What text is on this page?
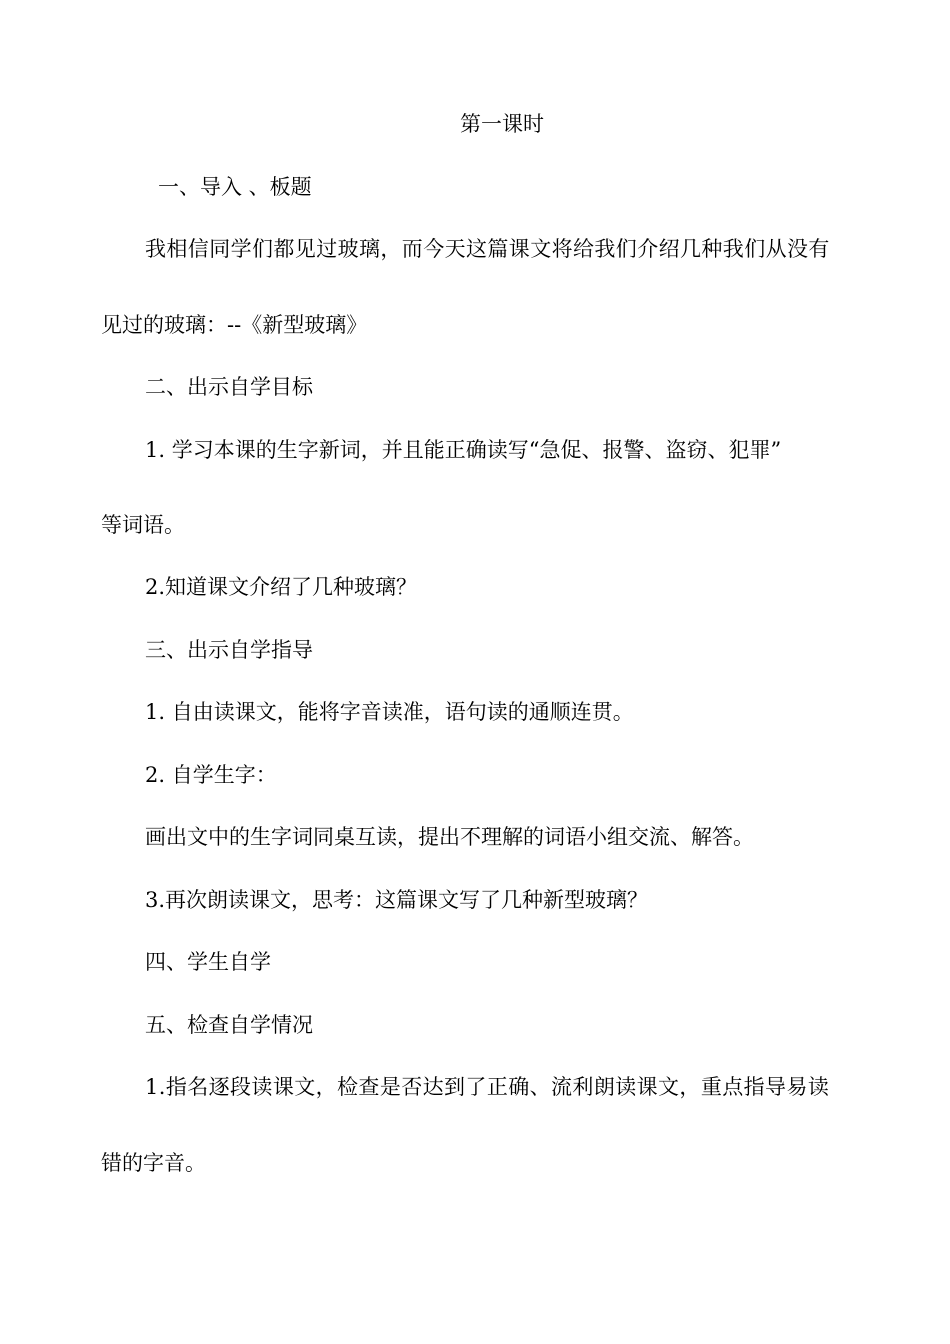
第一课时

一、导入 、板题

我相信同学们都见过玻璃，而今天这篇课文将给我们介绍几种我们从没有

见过的玻璃：--《新型玻璃》

二、出示自学目标

1. 学习本课的生字新词，并且能正确读写“急促、报警、盗窃、犯罪”

等词语。

2.知道课文介绍了几种玻璃？

三、出示自学指导

1. 自由读课文，能将字音读准，语句读的通顺连贯。

2. 自学生字：

画出文中的生字词同桌互读，提出不理解的词语小组交流、解答。

3.再次朗读课文，思考：这篇课文写了几种新型玻璃？

四、学生自学

五、检查自学情况

1.指名逐段读课文，检查是否达到了正确、流利朗读课文，重点指导易读

错的字音。
